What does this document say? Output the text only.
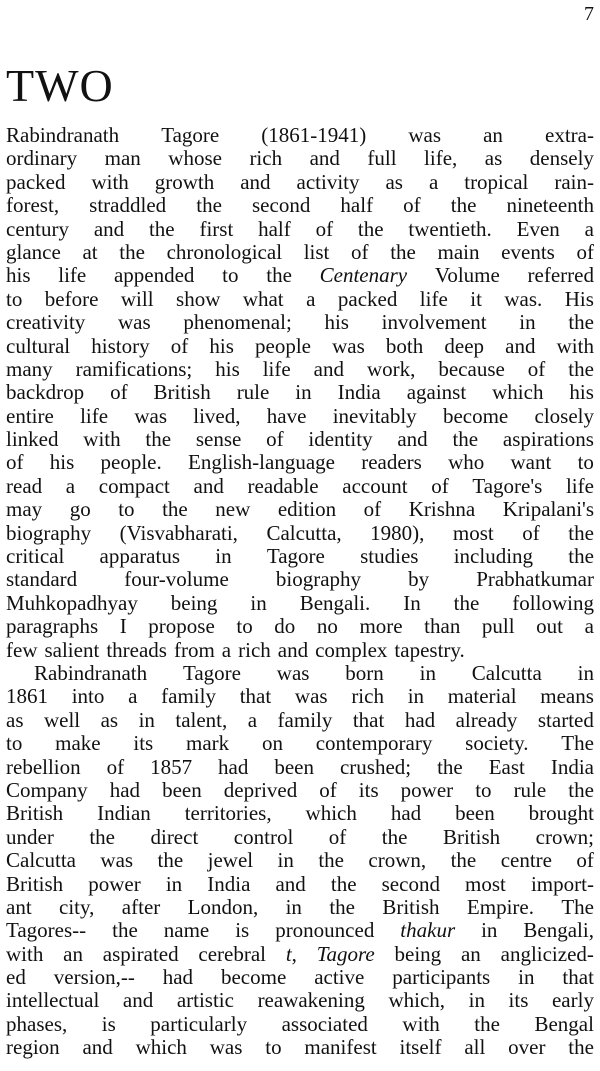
7
TWO
Rabindranath Tagore (1861-1941) was an extra-
ordinary man whose rich and full life, as densely
packed with growth and activity as a tropical rain-
forest, straddled the second half of the nineteenth
century and the first half of the twentieth. Even a
glance at the chronological list of the main events of
his life appended to the Centenary Volume referred
to before will show what a packed life it was. His
creativity was phenomenal; his involvement in the
cultural history of his people was both deep and with
many ramifications; his life and work, because of the
backdrop of British rule in India against which his
entire life was lived, have inevitably become closely
linked with the sense of identity and the aspirations
of his people. English-language readers who want to
read a compact and readable account of Tagore's life
may go to the new edition of Krishna Kripalani's
biography (Visvabharati, Calcutta, 1980), most of the
critical apparatus in Tagore studies including the
standard four-volume biography by Prabhatkumar
Muhkopadhyay being in Bengali. In the following
paragraphs I propose to do no more than pull out a
few salient threads from a rich and complex tapestry.
Rabindranath Tagore was born in Calcutta in
1861 into a family that was rich in material means
as well as in talent, a family that had already started
to make its mark on contemporary society. The
rebellion of 1857 had been crushed; the East India
Company had been deprived of its power to rule the
British Indian territories, which had been brought
under the direct control of the British crown;
Calcutta was the jewel in the crown, the centre of
British power in India and the second most import-
ant city, after London, in the British Empire. The
Tagores-- the name is pronounced thakur in Bengali,
with an aspirated cerebral t, Tagore being an anglicized-
ed version,-- had become active participants in that
intellectual and artistic reawakening which, in its early
phases, is particularly associated with the Bengal
region and which was to manifest itself all over the
